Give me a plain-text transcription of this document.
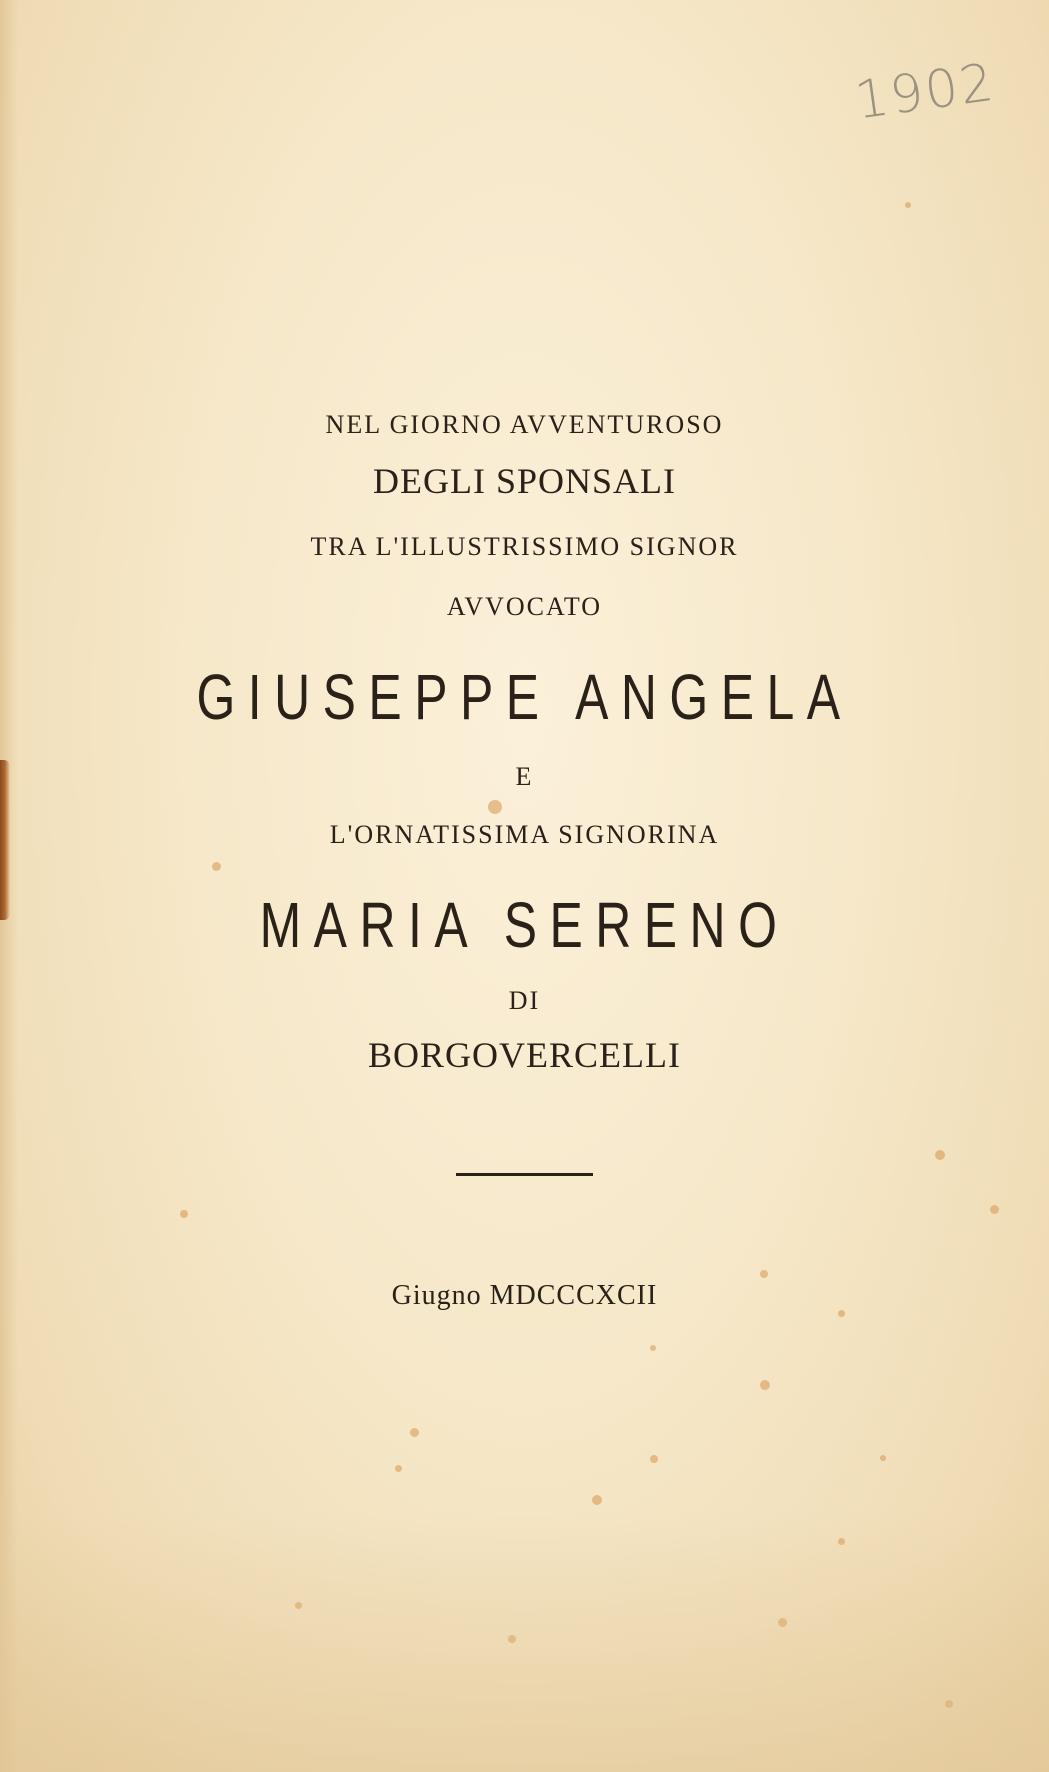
1902
NEL GIORNO AVVENTUROSO
DEGLI SPONSALI
TRA L'ILLUSTRISSIMO SIGNOR
AVVOCATO
GIUSEPPE ANGELA
E
L'ORNATISSIMA SIGNORINA
MARIA SERENO
DI
BORGOVERCELLI
Giugno MDCCCXCII
